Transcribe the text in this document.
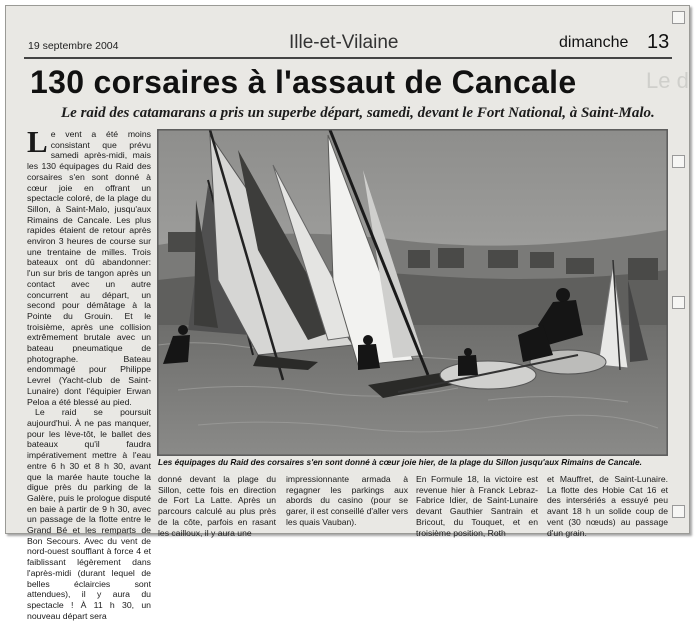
19 septembre 2004	Ille-et-Vilaine	dimanche 13
Le d
130 corsaires à l'assaut de Cancale
Le raid des catamarans a pris un superbe départ, samedi, devant le Fort National, à Saint-Malo.

Le vent a été moins consistant que prévu samedi après-midi, mais les 130 équipages du Raid des corsaires s'en sont donné à cœur joie en offrant un spectacle coloré, de la plage du Sillon, à Saint-Malo, jusqu'aux Rimains de Cancale. Les plus rapides étaient de retour après environ 3 heures de course sur une trentaine de milles. Trois bateaux ont dû abandonner: l'un sur bris de tangon après un contact avec un autre concurrent au départ, un second pour démâtage à la Pointe du Grouin. Et le troisième, après une collision extrêmement brutale avec un bateau pneumatique de photographe. Bateau endommagé pour Philippe Levrel (Yacht-club de Saint-Lunaire) dont l'équipier Erwan Peloa a été blessé au pied.

Le raid se poursuit aujourd'hui. À ne pas manquer, pour les lève-tôt, le ballet des bateaux qu'il faudra impérativement mettre à l'eau entre 6 h 30 et 8 h 30, avant que la marée haute touche la digue près du parking de la Galère, puis le prologue disputé en baie à partir de 9 h 30, avec un passage de la flotte entre le Grand Bé et les remparts de Bon Secours. Avec du vent de nord-ouest soufflant à force 4 et faiblissant légèrement dans l'après-midi (durant lequel de belles éclaircies sont attendues), il y aura du spectacle ! À 11 h 30, un nouveau départ sera

Les équipages du Raid des corsaires s'en sont donné à cœur joie hier, de la plage du Sillon jusqu'aux Rimains de Cancale.
donné devant la plage du Sillon, cette fois en direction de Fort La Latte. Après un parcours calculé au plus près de la côte, parfois en rasant les cailloux, il y aura une
impressionnante armada à regagner les parkings aux abords du casino (pour se garer, il est conseillé d'aller vers les quais Vauban).
En Formule 18, la victoire est revenue hier à Franck Lebraz-Fabrice Idier, de Saint-Lunaire devant Gauthier Santrain et Bricout, du Touquet, et en troisième position, Roth
et Mauffret, de Saint-Lunaire. La flotte des Hobie Cat 16 et des intersériés a essuyé peu avant 18 h un solide coup de vent (30 nœuds) au passage d'un grain.
